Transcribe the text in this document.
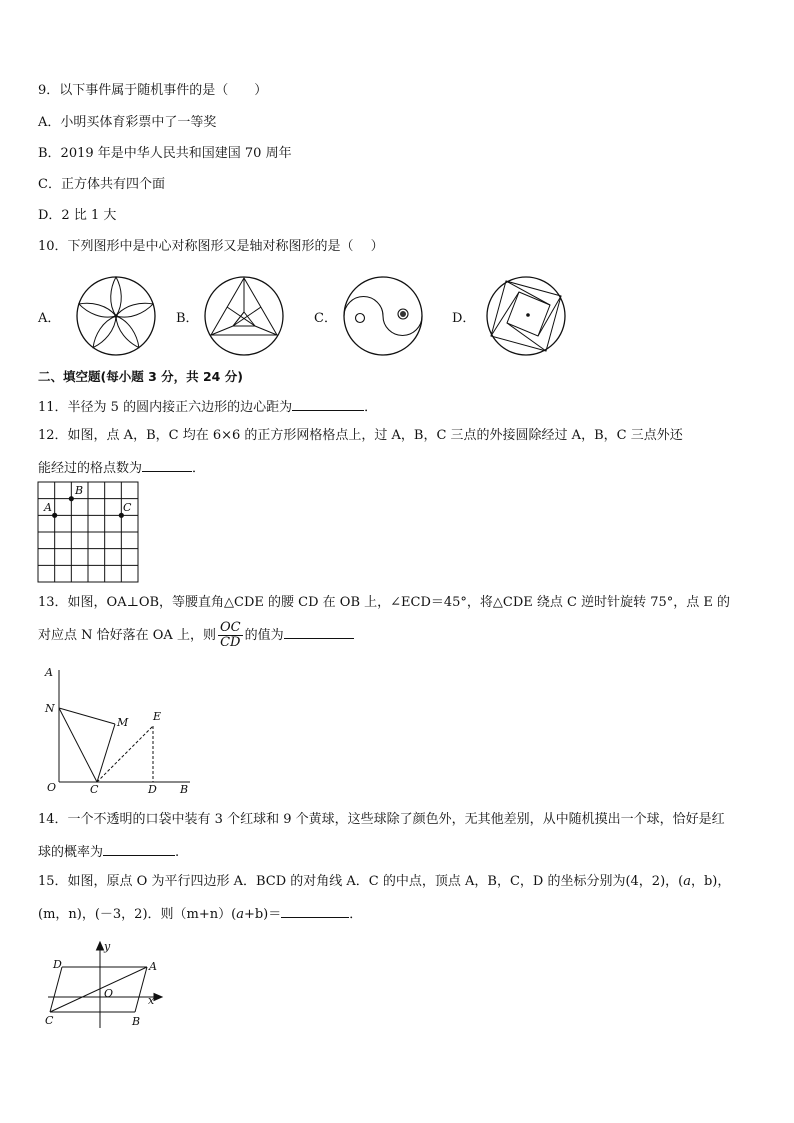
9．以下事件属于随机事件的是（　　）
A．小明买体育彩票中了一等奖
B．2019 年是中华人民共和国建国 70 周年
C．正方体共有四个面
D．2 比 1 大
10．下列图形中是中心对称图形又是轴对称图形的是（　 ）
A．	B．	C．	D．
二、填空题(每小题 3 分，共 24 分)
11．半径为 5 的圆内接正六边形的边心距为	．
12．如图，点 A，B，C 均在 6×6 的正方形网格格点上，过 A，B，C 三点的外接圆除经过 A，B，C 三点外还
能经过的格点数为	．
A
B
C
13．如图，OA⊥OB，等腰直角△CDE 的腰 CD 在 OB 上，∠ECD＝45°，将△CDE 绕点 C 逆时针旋转 75°，点 E 的
对应点 N 恰好落在 OA 上，则 $\frac{OC}{CD}$ 的值为
A
N
M E
O	C	D B
14．一个不透明的口袋中装有 3 个红球和 9 个黄球，这些球除了颜色外，无其他差别，从中随机摸出一个球，恰好是红
球的概率为	.
15．如图，原点 O 为平行四边形 A．BCD 的对角线 A．C 的中点，顶点 A，B，C，D 的坐标分别为(4，2)，(a，b)，
(m，n)，(－3，2)．则（m+n）(a+b)＝	．
D	A
y
O
x
C	B
